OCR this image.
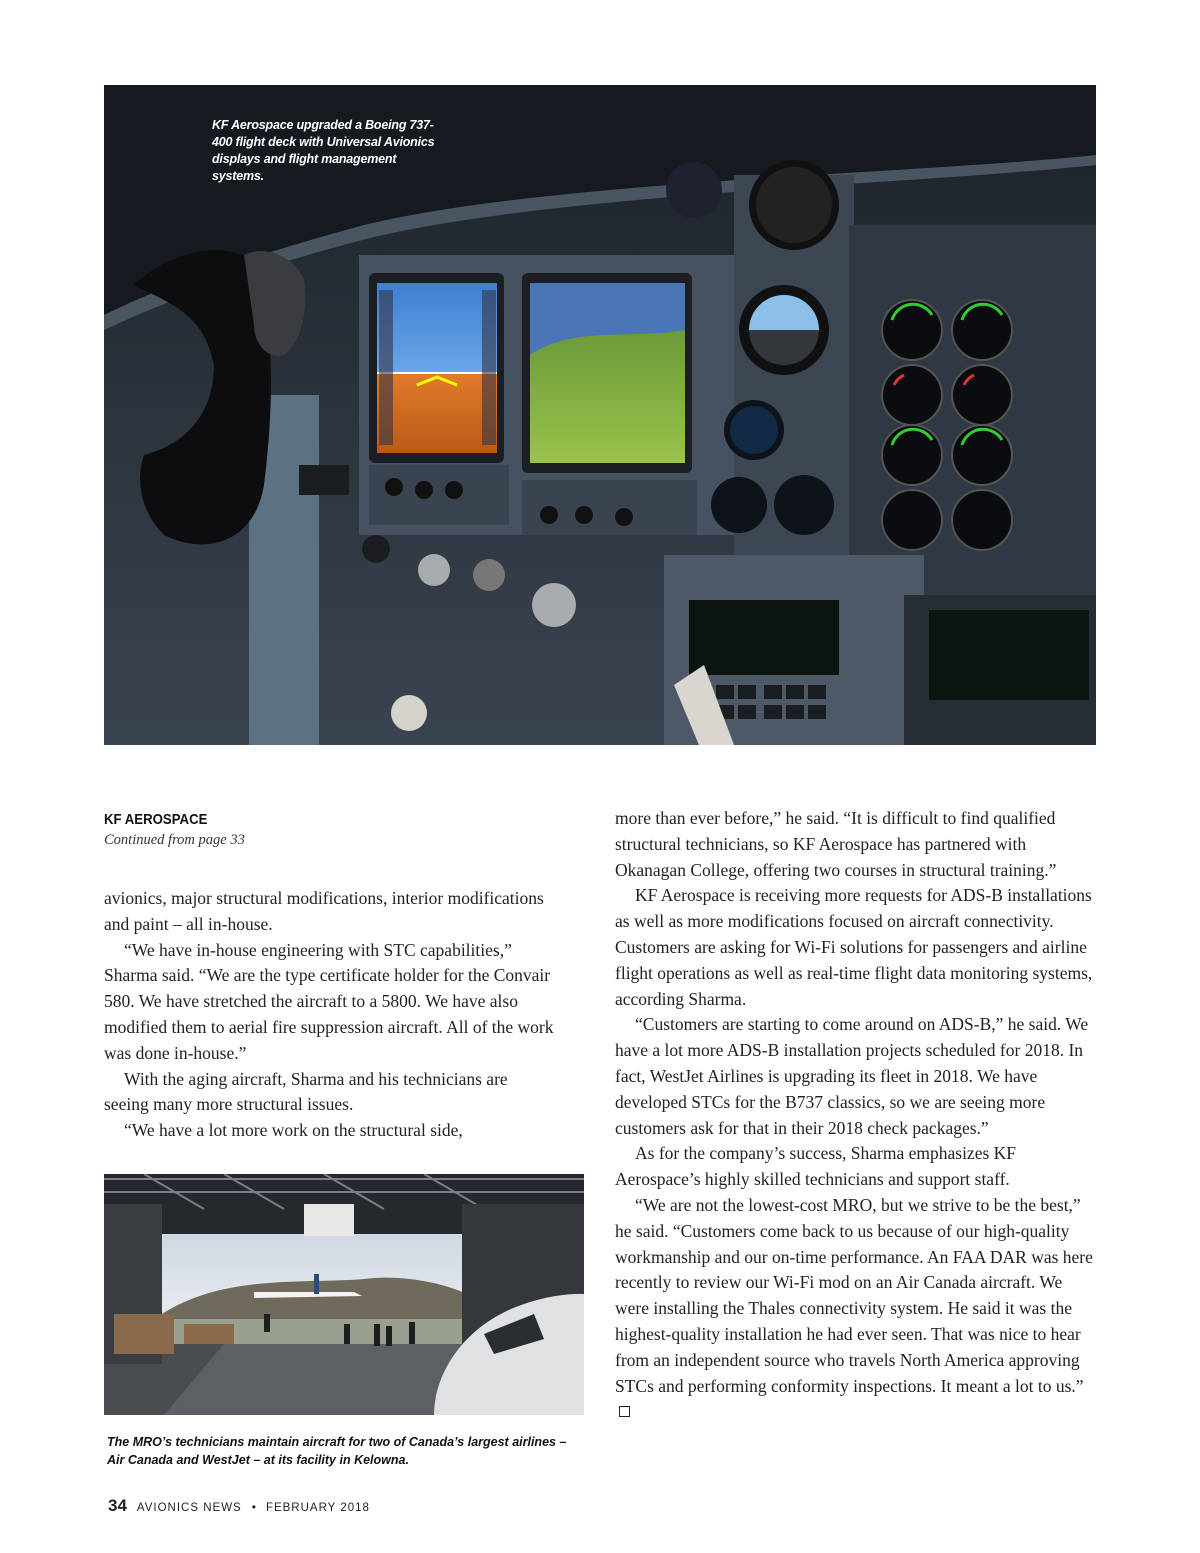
KF Aerospace upgraded a Boeing 737-400 flight deck with Universal Avionics displays and flight management systems.
KF AEROSPACE
Continued from page 33

avionics, major structural modifications, interior modifications and paint – all in-house.

“We have in-house engineering with STC capabilities,” Sharma said. “We are the type certificate holder for the Convair 580. We have stretched the aircraft to a 5800. We have also modified them to aerial fire suppression aircraft. All of the work was done in-house.”

With the aging aircraft, Sharma and his technicians are seeing many more structural issues.

“We have a lot more work on the structural side,

The MRO’s technicians maintain aircraft for two of Canada’s largest airlines – Air Canada and WestJet – at its facility in Kelowna.

more than ever before,” he said. “It is difficult to find qualified structural technicians, so KF Aerospace has partnered with Okanagan College, offering two courses in structural training.”

KF Aerospace is receiving more requests for ADS-B installations as well as more modifications focused on aircraft connectivity. Customers are asking for Wi-Fi solutions for passengers and airline flight operations as well as real-time flight data monitoring systems, according Sharma.

“Customers are starting to come around on ADS-B,” he said. We have a lot more ADS-B installation projects scheduled for 2018. In fact, WestJet Airlines is upgrading its fleet in 2018. We have developed STCs for the B737 classics, so we are seeing more customers ask for that in their 2018 check packages.”

As for the company’s success, Sharma emphasizes KF Aerospace’s highly skilled technicians and support staff.

“We are not the lowest-cost MRO, but we strive to be the best,” he said. “Customers come back to us because of our high-quality workmanship and our on-time performance. An FAA DAR was here recently to review our Wi-Fi mod on an Air Canada aircraft. We were installing the Thales connectivity system. He said it was the highest-quality installation he had ever seen. That was nice to hear from an independent source who travels North America approving STCs and performing conformity inspections. It meant a lot to us.”

34 AVIONICS NEWS • FEBRUARY 2018
